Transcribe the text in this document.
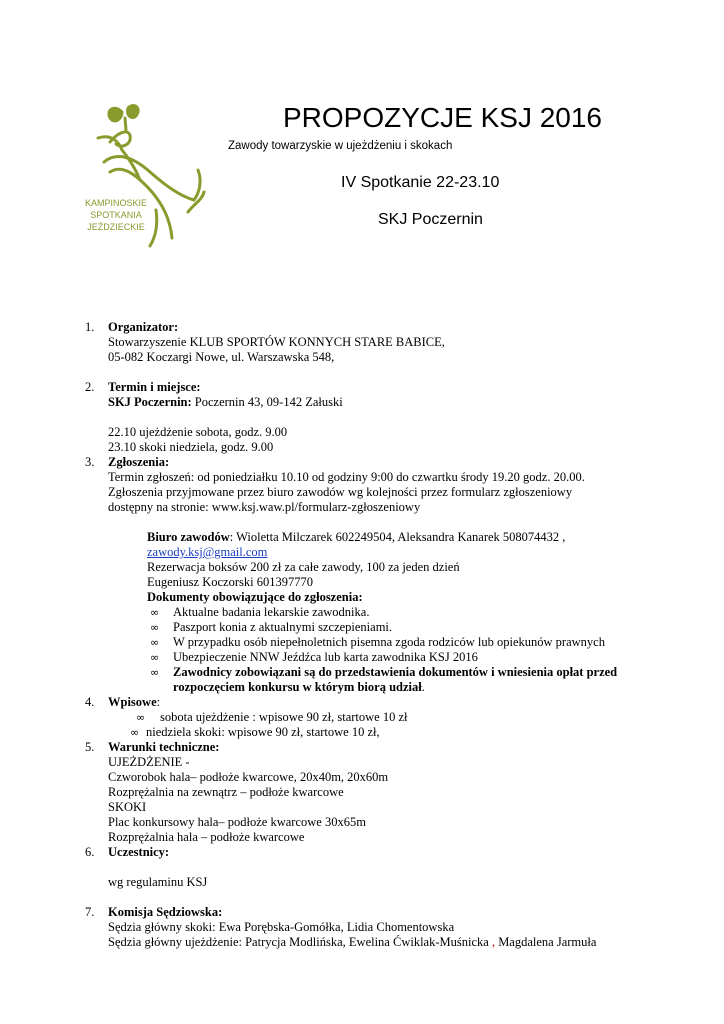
KAMPINOSKIE
SPOTKANIA
JEŹDZIECKIE
PROPOZYCJE KSJ 2016
Zawody towarzyskie w ujeżdżeniu i skokach
IV Spotkanie 22-23.10
SKJ Poczernin
1. Organizator:
Stowarzyszenie KLUB SPORTÓW KONNYCH STARE BABICE,
05-082 Koczargi Nowe, ul. Warszawska 548,
2. Termin i miejsce:
SKJ Poczernin: Poczernin 43, 09-142 Załuski
22.10 ujeżdżenie sobota, godz. 9.00
23.10 skoki niedziela, godz. 9.00
3. Zgłoszenia:
Termin zgłoszeń: od poniedziałku 10.10 od godziny 9:00 do czwartku środy 19.20 godz. 20.00.
Zgłoszenia przyjmowane przez biuro zawodów wg kolejności przez formularz zgłoszeniowy
dostępny na stronie: www.ksj.waw.pl/formularz-zgłoszeniowy
Biuro zawodów: Wioletta Milczarek 602249504, Aleksandra Kanarek 508074432 ,
zawody.ksj@gmail.com
Rezerwacja boksów 200 zł za całe zawody, 100 za jeden dzień
Eugeniusz Koczorski 601397770
Dokumenty obowiązujące do zgłoszenia:
∞ Aktualne badania lekarskie zawodnika.
∞ Paszport konia z aktualnymi szczepieniami.
∞ W przypadku osób niepełnoletnich pisemna zgoda rodziców lub opiekunów prawnych
∞ Ubezpieczenie NNW Jeźdźca lub karta zawodnika KSJ 2016
∞ Zawodnicy zobowiązani są do przedstawienia dokumentów i wniesienia opłat przed rozpoczęciem konkursu w którym biorą udział.
4. Wpisowe:
∞ sobota ujeżdżenie : wpisowe 90 zł, startowe 10 zł
∞ niedziela skoki: wpisowe 90 zł, startowe 10 zł,
5. Warunki techniczne:
UJEŻDŻENIE -
Czworobok hala– podłoże kwarcowe, 20x40m, 20x60m
Rozprężalnia na zewnątrz – podłoże kwarcowe
SKOKI
Plac konkursowy hala– podłoże kwarcowe 30x65m
Rozprężalnia hala – podłoże kwarcowe
6. Uczestnicy:
wg regulaminu KSJ
7. Komisja Sędziowska:
Sędzia główny skoki: Ewa Porębska-Gomółka, Lidia Chomentowska
Sędzia główny ujeżdżenie: Patrycja Modlińska, Ewelina Ćwiklak-Muśnicka , Magdalena Jarmuła
